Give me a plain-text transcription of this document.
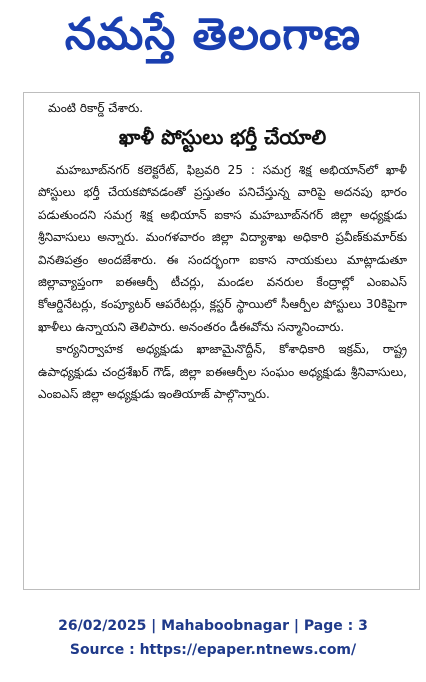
నమస్తే తెలంగాణ
మంటి రికార్డ్ చేశారు.
ఖాళీ పోస్టులు భర్తీ చేయాలి

మహబూబ్‌నగర్ కలెక్టరేట్, ఫిబ్రవరి 25 : సమగ్ర శిక్ష అభియాన్‌లో ఖాళీ పోస్టులు భర్తీ చేయకపోవడంతో ప్రస్తుతం పనిచేస్తున్న వారిపై అదనపు భారం పడుతుందని సమగ్ర శిక్ష అభియాన్ ఐకాస మహబూబ్‌నగర్ జిల్లా అధ్యక్షుడు శ్రీనివాసులు అన్నారు. మంగళవారం జిల్లా విద్యాశాఖ అధికారి ప్రవీణ్‌కుమార్‌కు వినతిపత్రం అందజేశారు. ఈ సందర్భంగా ఐకాస నాయకులు మాట్లాడుతూ జిల్లావ్యాప్తంగా ఐఈఆర్పీ టీచర్లు, మండల వనరుల కేంద్రాల్లో ఎంఐఎస్ కోఆర్డినేటర్లు, కంప్యూటర్ ఆపరేటర్లు, క్లస్టర్ స్థాయిలో సీఆర్పీల పోస్టులు 30కిపైగా ఖాళీలు ఉన్నాయని తెలిపారు. అనంతరం డీఈవోను సన్మానించారు.

కార్యనిర్వాహక అధ్యక్షుడు ఖాజామైనొద్దీన్, కోశాధికారి ఇక్రమ్, రాష్ట్ర ఉపాధ్యక్షుడు చంద్రశేఖర్ గౌడ్, జిల్లా ఐఈఆర్పీల సంఘం అధ్యక్షుడు శ్రీనివాసులు, ఎంఐఎస్ జిల్లా అధ్యక్షుడు ఇంతియాజ్ పాల్గొన్నారు.

26/02/2025 | Mahaboobnagar | Page : 3
Source : https://epaper.ntnews.com/
